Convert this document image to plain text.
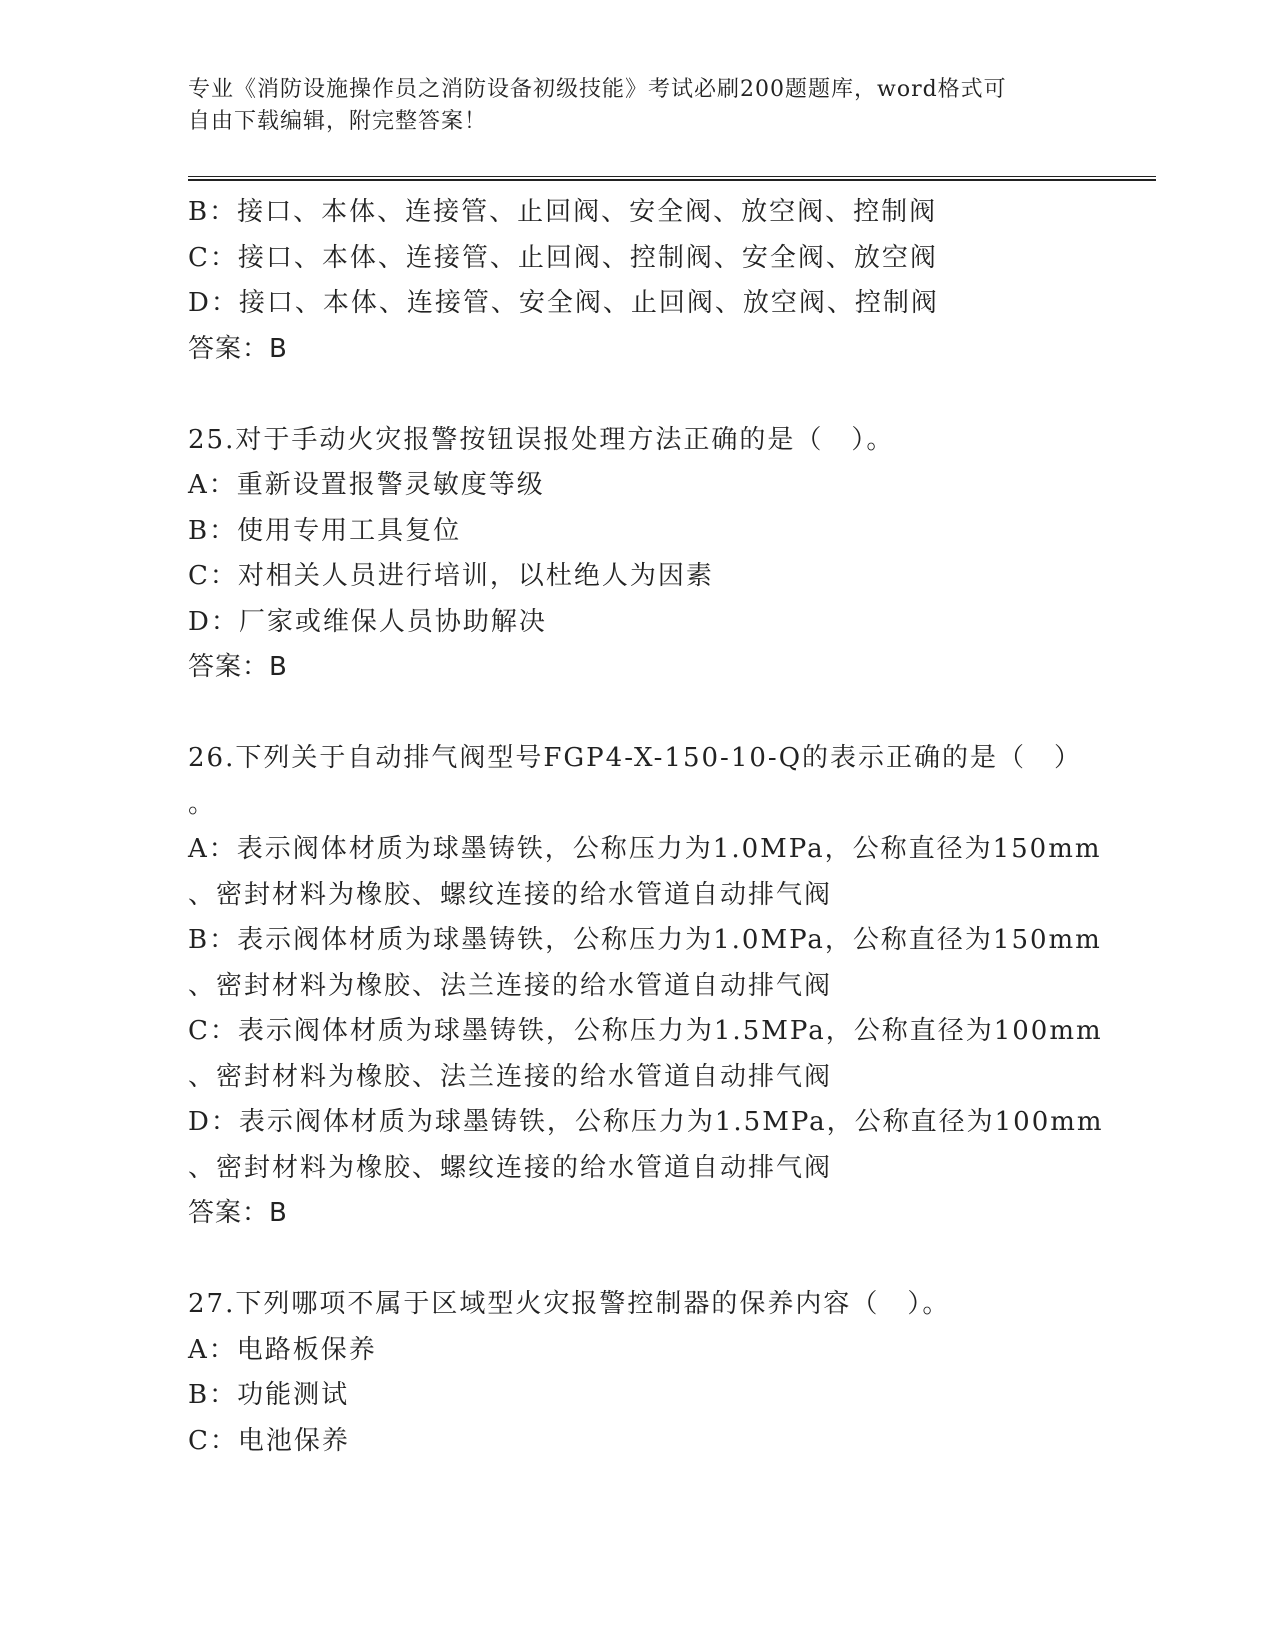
专业《消防设施操作员之消防设备初级技能》考试必刷200题题库，word格式可
自由下载编辑，附完整答案！
B：接口、本体、连接管、止回阀、安全阀、放空阀、控制阀
C：接口、本体、连接管、止回阀、控制阀、安全阀、放空阀
D：接口、本体、连接管、安全阀、止回阀、放空阀、控制阀
答案：B
25.对于手动火灾报警按钮误报处理方法正确的是（　）。
A：重新设置报警灵敏度等级
B：使用专用工具复位
C：对相关人员进行培训，以杜绝人为因素
D：厂家或维保人员协助解决
答案：B
26.下列关于自动排气阀型号FGP4-X-150-10-Q的表示正确的是（　）
。
A：表示阀体材质为球墨铸铁，公称压力为1.0MPa，公称直径为150mm
、密封材料为橡胶、螺纹连接的给水管道自动排气阀
B：表示阀体材质为球墨铸铁，公称压力为1.0MPa，公称直径为150mm
、密封材料为橡胶、法兰连接的给水管道自动排气阀
C：表示阀体材质为球墨铸铁，公称压力为1.5MPa，公称直径为100mm
、密封材料为橡胶、法兰连接的给水管道自动排气阀
D：表示阀体材质为球墨铸铁，公称压力为1.5MPa，公称直径为100mm
、密封材料为橡胶、螺纹连接的给水管道自动排气阀
答案：B
27.下列哪项不属于区域型火灾报警控制器的保养内容（　）。
A：电路板保养
B：功能测试
C：电池保养
